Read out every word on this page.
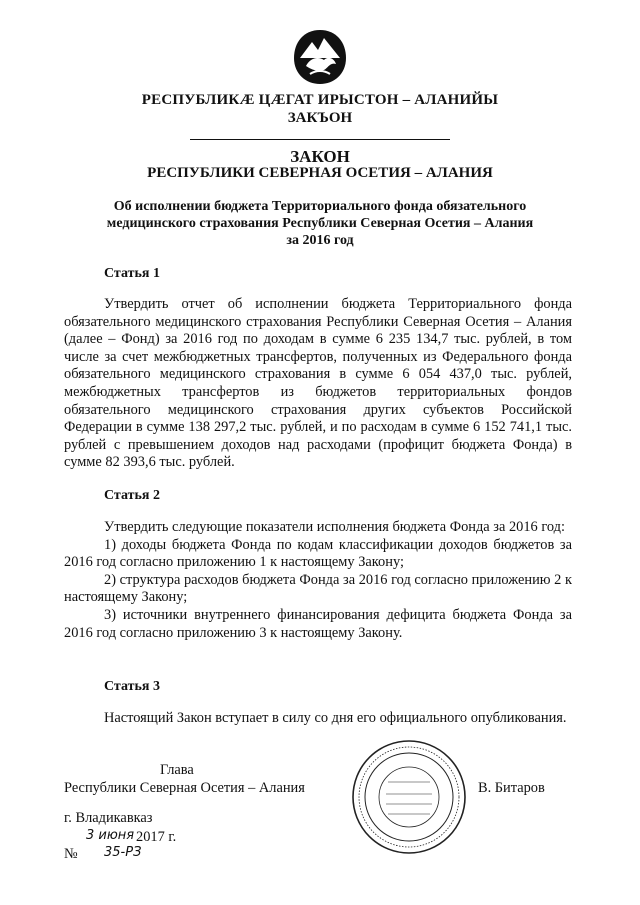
РЕСПУБЛИКӔ ЦӔГАТ ИРЫСТОН – АЛАНИЙЫ
ЗАКЪОН
ЗАКОН
РЕСПУБЛИКИ СЕВЕРНАЯ ОСЕТИЯ – АЛАНИЯ
Об исполнении бюджета Территориального фонда обязательного
медицинского страхования Республики Северная Осетия – Алания
за 2016 год
Статья 1

Утвердить отчет об исполнении бюджета Территориального фонда обязательного медицинского страхования Республики Северная Осетия – Алания (далее – Фонд) за 2016 год по доходам в сумме 6 235 134,7 тыс. рублей, в том числе за счет межбюджетных трансфертов, полученных из Федерального фонда обязательного медицинского страхования в сумме 6 054 437,0 тыс. рублей, межбюджетных трансфертов из бюджетов территориальных фондов обязательного медицинского страхования других субъектов Российской Федерации в сумме 138 297,2 тыс. рублей, и по расходам в сумме 6 152 741,1 тыс. рублей с превышением доходов над расходами (профицит бюджета Фонда) в сумме 82 393,6 тыс. рублей.

Статья 2

Утвердить следующие показатели исполнения бюджета Фонда за 2016 год:

1) доходы бюджета Фонда по кодам классификации доходов бюджетов за 2016 год согласно приложению 1 к настоящему Закону;

2) структура расходов бюджета Фонда за 2016 год согласно приложению 2 к настоящему Закону;

3) источники внутреннего финансирования дефицита бюджета Фонда за 2016 год согласно приложению 3 к настоящему Закону.

Статья 3

Настоящий Закон вступает в силу со дня его официального опубликования.

Глава
Республики Северная Осетия – Алания	В. Битаров
г. Владикавказ
3 июня 2017 г.
№ 35-РЗ
